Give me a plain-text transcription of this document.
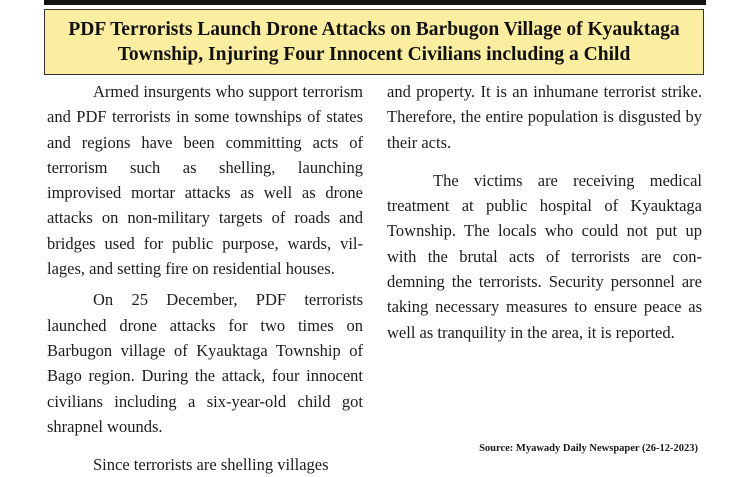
PDF Terrorists Launch Drone Attacks on Barbugon Village of Kyauktaga
Township, Injuring Four Innocent Civilians including a Child

Armed insurgents who support terrorism and PDF terrorists in some townships of states and regions have been committing acts of terrorism such as shelling, launching improvised mortar attacks as well as drone attacks on non-military targets of roads and bridges used for public purpose, wards, villages, and setting fire on residential houses.

On 25 December, PDF terrorists launched drone attacks for two times on Barbugon village of Kyauktaga Township of Bago region. During the attack, four innocent civilians including a six-year-old child got shrapnel wounds.

Since terrorists are shelling villages

and property. It is an inhumane terrorist strike. Therefore, the entire population is disgusted by their acts.

The victims are receiving medical treatment at public hospital of Kyauktaga Township. The locals who could not put up with the brutal acts of terrorists are condemning the terrorists. Security personnel are taking necessary measures to ensure peace as well as tranquility in the area, it is reported.

Source: Myawady Daily Newspaper (26-12-2023)
